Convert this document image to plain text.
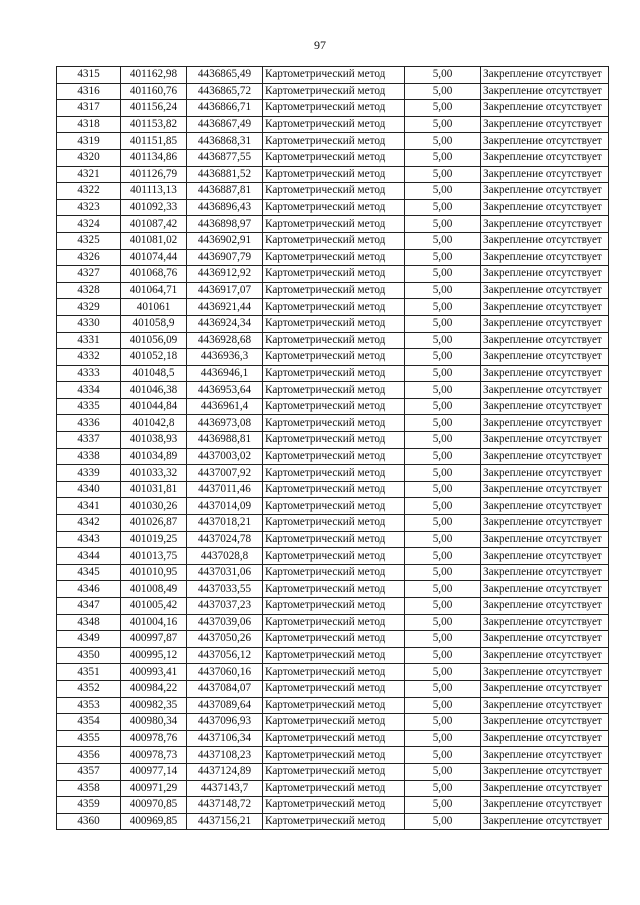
97
4315	401162,98	4436865,49	Картометрический метод	5,00	Закрепление отсутствует
4316	401160,76	4436865,72	Картометрический метод	5,00	Закрепление отсутствует
4317	401156,24	4436866,71	Картометрический метод	5,00	Закрепление отсутствует
4318	401153,82	4436867,49	Картометрический метод	5,00	Закрепление отсутствует
4319	401151,85	4436868,31	Картометрический метод	5,00	Закрепление отсутствует
4320	401134,86	4436877,55	Картометрический метод	5,00	Закрепление отсутствует
4321	401126,79	4436881,52	Картометрический метод	5,00	Закрепление отсутствует
4322	401113,13	4436887,81	Картометрический метод	5,00	Закрепление отсутствует
4323	401092,33	4436896,43	Картометрический метод	5,00	Закрепление отсутствует
4324	401087,42	4436898,97	Картометрический метод	5,00	Закрепление отсутствует
4325	401081,02	4436902,91	Картометрический метод	5,00	Закрепление отсутствует
4326	401074,44	4436907,79	Картометрический метод	5,00	Закрепление отсутствует
4327	401068,76	4436912,92	Картометрический метод	5,00	Закрепление отсутствует
4328	401064,71	4436917,07	Картометрический метод	5,00	Закрепление отсутствует
4329	401061	4436921,44	Картометрический метод	5,00	Закрепление отсутствует
4330	401058,9	4436924,34	Картометрический метод	5,00	Закрепление отсутствует
4331	401056,09	4436928,68	Картометрический метод	5,00	Закрепление отсутствует
4332	401052,18	4436936,3	Картометрический метод	5,00	Закрепление отсутствует
4333	401048,5	4436946,1	Картометрический метод	5,00	Закрепление отсутствует
4334	401046,38	4436953,64	Картометрический метод	5,00	Закрепление отсутствует
4335	401044,84	4436961,4	Картометрический метод	5,00	Закрепление отсутствует
4336	401042,8	4436973,08	Картометрический метод	5,00	Закрепление отсутствует
4337	401038,93	4436988,81	Картометрический метод	5,00	Закрепление отсутствует
4338	401034,89	4437003,02	Картометрический метод	5,00	Закрепление отсутствует
4339	401033,32	4437007,92	Картометрический метод	5,00	Закрепление отсутствует
4340	401031,81	4437011,46	Картометрический метод	5,00	Закрепление отсутствует
4341	401030,26	4437014,09	Картометрический метод	5,00	Закрепление отсутствует
4342	401026,87	4437018,21	Картометрический метод	5,00	Закрепление отсутствует
4343	401019,25	4437024,78	Картометрический метод	5,00	Закрепление отсутствует
4344	401013,75	4437028,8	Картометрический метод	5,00	Закрепление отсутствует
4345	401010,95	4437031,06	Картометрический метод	5,00	Закрепление отсутствует
4346	401008,49	4437033,55	Картометрический метод	5,00	Закрепление отсутствует
4347	401005,42	4437037,23	Картометрический метод	5,00	Закрепление отсутствует
4348	401004,16	4437039,06	Картометрический метод	5,00	Закрепление отсутствует
4349	400997,87	4437050,26	Картометрический метод	5,00	Закрепление отсутствует
4350	400995,12	4437056,12	Картометрический метод	5,00	Закрепление отсутствует
4351	400993,41	4437060,16	Картометрический метод	5,00	Закрепление отсутствует
4352	400984,22	4437084,07	Картометрический метод	5,00	Закрепление отсутствует
4353	400982,35	4437089,64	Картометрический метод	5,00	Закрепление отсутствует
4354	400980,34	4437096,93	Картометрический метод	5,00	Закрепление отсутствует
4355	400978,76	4437106,34	Картометрический метод	5,00	Закрепление отсутствует
4356	400978,73	4437108,23	Картометрический метод	5,00	Закрепление отсутствует
4357	400977,14	4437124,89	Картометрический метод	5,00	Закрепление отсутствует
4358	400971,29	4437143,7	Картометрический метод	5,00	Закрепление отсутствует
4359	400970,85	4437148,72	Картометрический метод	5,00	Закрепление отсутствует
4360	400969,85	4437156,21	Картометрический метод	5,00	Закрепление отсутствует
